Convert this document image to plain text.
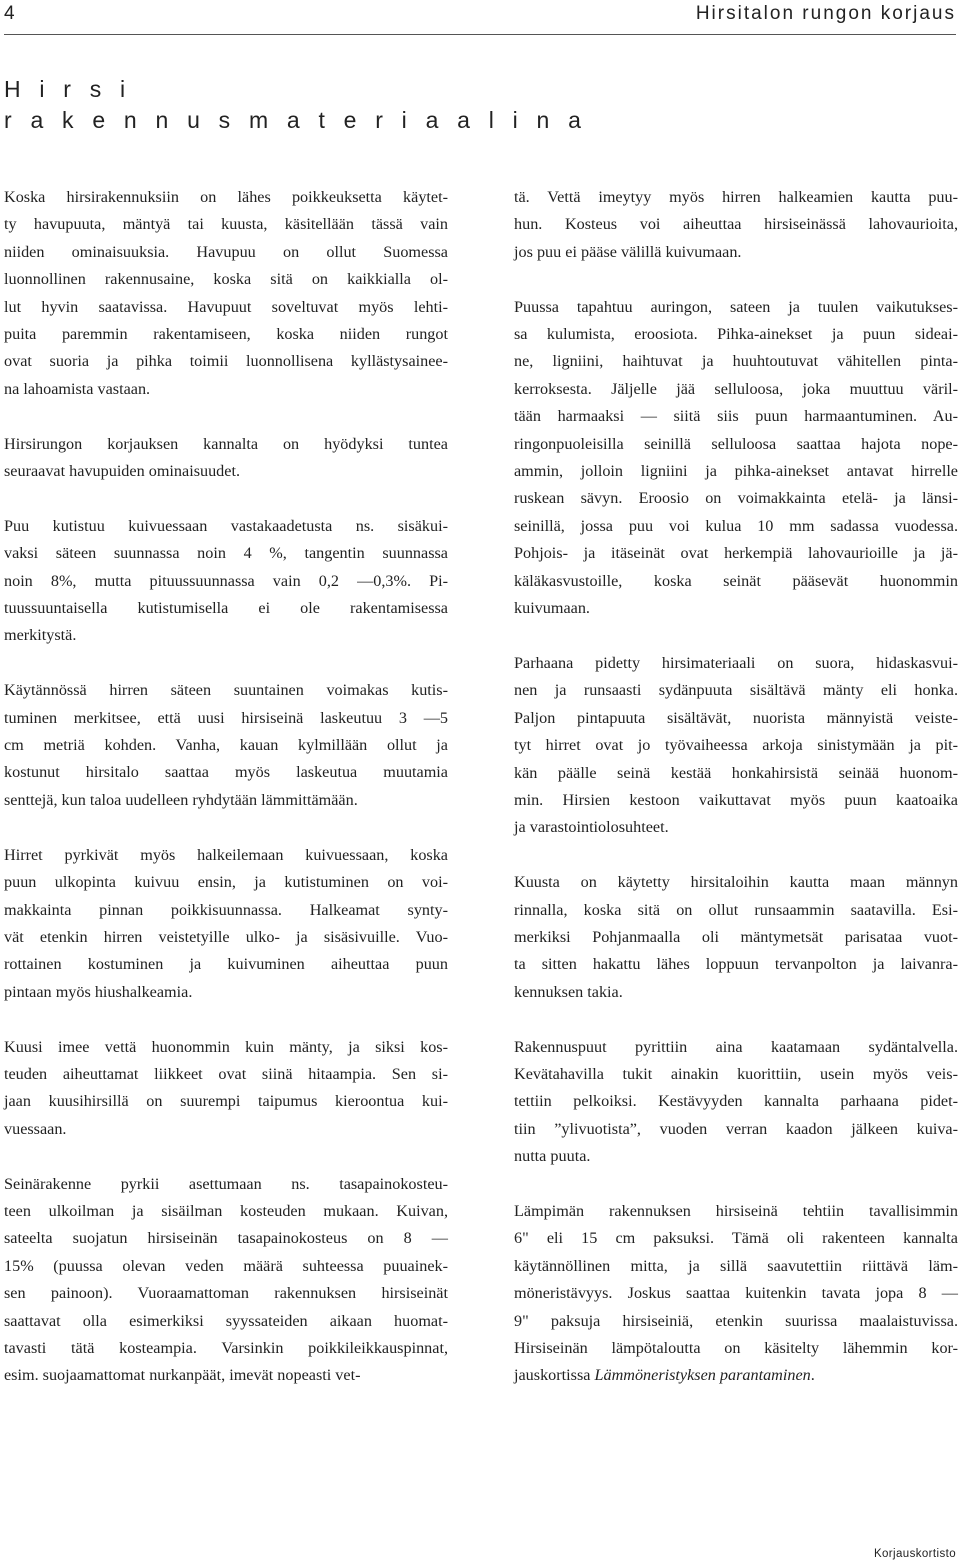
4	Hirsitalon rungon korjaus
H i r s i
r a k e n n u s m a t e r i a a l i n a

Koska hirsirakennuksiin on lähes poikkeuksetta käytet-
ty havupuuta, mäntyä tai kuusta, käsitellään tässä vain
niiden ominaisuuksia. Havupuu on ollut Suomessa
luonnollinen rakennusaine, koska sitä on kaikkialla ol-
lut hyvin saatavissa. Havupuut soveltuvat myös lehti-
puita paremmin rakentamiseen, koska niiden rungot
ovat suoria ja pihka toimii luonnollisena kyllästysainee-
na lahoamista vastaan.

Hirsirungon korjauksen kannalta on hyödyksi tuntea
seuraavat havupuiden ominaisuudet.

Puu kutistuu kuivuessaan vastakaadetusta ns. sisäkui-
vaksi säteen suunnassa noin 4 %, tangentin suunnassa
noin 8%, mutta pituussuunnassa vain 0,2 —0,3%. Pi-
tuussuuntaisella kutistumisella ei ole rakentamisessa
merkitystä.

Käytännössä hirren säteen suuntainen voimakas kutis-
tuminen merkitsee, että uusi hirsiseinä laskeutuu 3 —5
cm metriä kohden. Vanha, kauan kylmillään ollut ja
kostunut hirsitalo saattaa myös laskeutua muutamia
senttejä, kun taloa uudelleen ryhdytään lämmittämään.

Hirret pyrkivät myös halkeilemaan kuivuessaan, koska
puun ulkopinta kuivuu ensin, ja kutistuminen on voi-
makkainta pinnan poikkisuunnassa. Halkeamat synty-
vät etenkin hirren veistetyille ulko- ja sisäsivuille. Vuo-
rottainen kostuminen ja kuivuminen aiheuttaa puun
pintaan myös hiushalkeamia.

Kuusi imee vettä huonommin kuin mänty, ja siksi kos-
teuden aiheuttamat liikkeet ovat siinä hitaampia. Sen si-
jaan kuusihirsillä on suurempi taipumus kieroontua kui-
vuessaan.

Seinärakenne pyrkii asettumaan ns. tasapainokosteu-
teen ulkoilman ja sisäilman kosteuden mukaan. Kuivan,
sateelta suojatun hirsiseinän tasapainokosteus on 8 —
15% (puussa olevan veden määrä suhteessa puuainek-
sen painoon). Vuoraamattoman rakennuksen hirsiseinät
saattavat olla esimerkiksi syyssateiden aikaan huomat-
tavasti tätä kosteampia. Varsinkin poikkileikkauspinnat,
esim. suojaamattomat nurkanpäät, imevät nopeasti vet-

tä. Vettä imeytyy myös hirren halkeamien kautta puu-
hun. Kosteus voi aiheuttaa hirsiseinässä lahovaurioita,
jos puu ei pääse välillä kuivumaan.

Puussa tapahtuu auringon, sateen ja tuulen vaikutukses-
sa kulumista, eroosiota. Pihka-ainekset ja puun sideai-
ne, ligniini, haihtuvat ja huuhtoutuvat vähitellen pinta-
kerroksesta. Jäljelle jää selluloosa, joka muuttuu väril-
tään harmaaksi — siitä siis puun harmaantuminen. Au-
ringonpuoleisilla seinillä selluloosa saattaa hajota nope-
ammin, jolloin ligniini ja pihka-ainekset antavat hirrelle
ruskean sävyn. Eroosio on voimakkainta etelä- ja länsi-
seinillä, jossa puu voi kulua 10 mm sadassa vuodessa.
Pohjois- ja itäseinät ovat herkempiä lahovaurioille ja jä-
käläkasvustoille, koska seinät pääsevät huonommin
kuivumaan.

Parhaana pidetty hirsimateriaali on suora, hidaskasvui-
nen ja runsaasti sydänpuuta sisältävä mänty eli honka.
Paljon pintapuuta sisältävät, nuorista männyistä veiste-
tyt hirret ovat jo työvaiheessa arkoja sinistymään ja pit-
kän päälle seinä kestää honkahirsistä seinää huonom-
min. Hirsien kestoon vaikuttavat myös puun kaatoaika
ja varastointiolosuhteet.

Kuusta on käytetty hirsitaloihin kautta maan männyn
rinnalla, koska sitä on ollut runsaammin saatavilla. Esi-
merkiksi Pohjanmaalla oli mäntymetsät parisataa vuot-
ta sitten hakattu lähes loppuun tervanpolton ja laivanra-
kennuksen takia.

Rakennuspuut pyrittiin aina kaatamaan sydäntalvella.
Kevätahavilla tukit ainakin kuorittiin, usein myös veis-
tettiin pelkoiksi. Kestävyyden kannalta parhaana pidet-
tiin ”ylivuotista”, vuoden verran kaadon jälkeen kuiva-
nutta puuta.

Lämpimän rakennuksen hirsiseinä tehtiin tavallisimmin
6" eli 15 cm paksuksi. Tämä oli rakenteen kannalta
käytännöllinen mitta, ja sillä saavutettiin riittävä läm-
möneristävyys. Joskus saattaa kuitenkin tavata jopa 8 —
9" paksuja hirsiseiniä, etenkin suurissa maalaistuvissa.
Hirsiseinän lämpötaloutta on käsitelty lähemmin kor-
jauskortissa Lämmöneristyksen parantaminen.

Korjauskortisto
